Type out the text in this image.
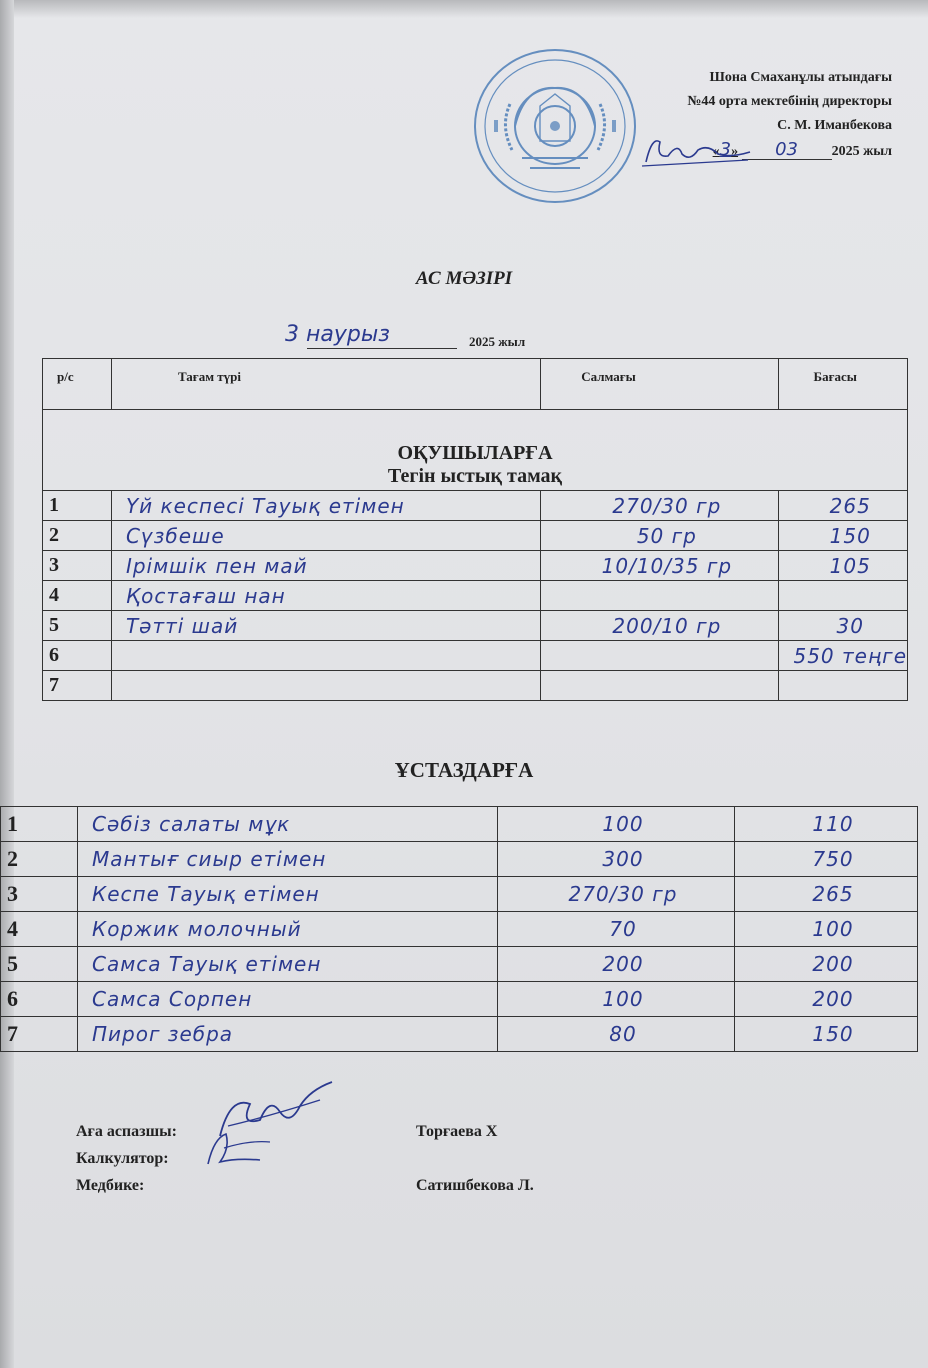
Шона Смаханұлы атындағы
№44 орта мектебінің директоры
С. М. Иманбекова
«3» 03 2025 жыл
АС МӘЗІРІ
3 наурыз	2025 жыл
р/с	Тағам түрі	Салмағы	Бағасы

ОҚУШЫЛАРҒА
Тегін ыстық тамақ			

1	Үй кеспесі Тауық етімен	270/30 гр	265
2	Сүзбеше	50 гр	150
3	Ірімшік пен май	10/10/35 гр	105
4	Қостағаш нан		
5	Тәтті шай	200/10 гр	30
6			550 теңге
7			
ҰСТАЗДАРҒА
1	Сәбіз салаты мұк	100	110
2	Мантығ сиыр етімен	300	750
3	Кеспе Тауық етімен	270/30 гр	265
4	Коржик молочный	70	100
5	Самса Тауық етімен	200	200
6	Самса Сорпен	100	200
7	Пирог зебра	80	150
Аға аспазшы:	Торғаева Х
Калкулятор:
Медбике:	Сатишбекова Л.
